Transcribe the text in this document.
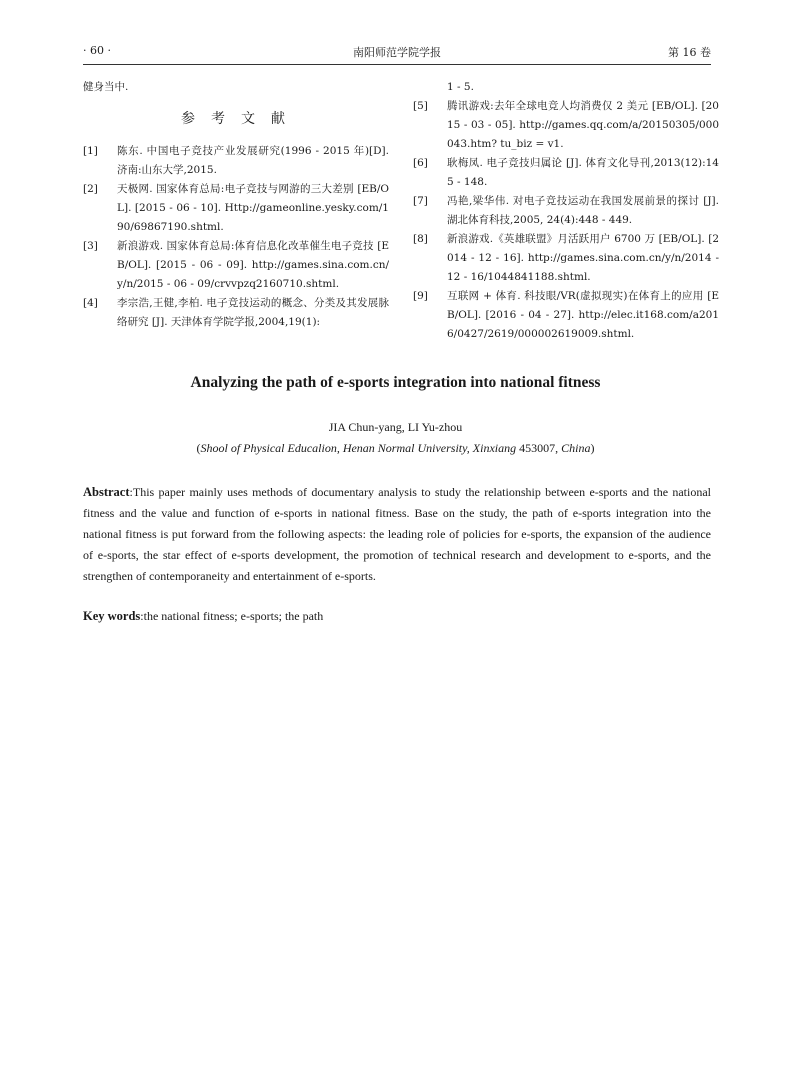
· 60 ·	南阳师范学院学报	第 16 卷
健身当中.
参考文献
[1]	陈东. 中国电子竞技产业发展研究(1996 - 2015 年)[D]. 济南:山东大学,2015.
[2]	天极网. 国家体育总局:电子竞技与网游的三大差别 [EB/OL]. [2015 - 06 - 10]. Http://gameonline.yesky.com/190/69867190.shtml.
[3]	新浪游戏. 国家体育总局:体育信息化改革催生电子竞技 [EB/OL]. [2015 - 06 - 09]. http://games.sina.com.cn/y/n/2015 - 06 - 09/crvvpzq2160710.shtml.
[4]	李宗浩,王健,李柏. 电子竞技运动的概念、分类及其发展脉络研究 [J]. 天津体育学院学报,2004,19(1):
1 - 5.
[5]	腾讯游戏:去年全球电竞人均消费仅 2 美元 [EB/OL]. [2015 - 03 - 05]. http://games.qq.com/a/20150305/000043.htm? tu_biz = v1.
[6]	耿梅凤. 电子竞技归属论 [J]. 体育文化导刊,2013(12):145 - 148.
[7]	冯艳,梁华伟. 对电子竞技运动在我国发展前景的探讨 [J]. 湖北体育科技,2005, 24(4):448 - 449.
[8]	新浪游戏.《英雄联盟》月活跃用户 6700 万 [EB/OL]. [2014 - 12 - 16]. http://games.sina.com.cn/y/n/2014 - 12 - 16/1044841188.shtml.
[9]	互联网 + 体育. 科技眼/VR(虚拟现实)在体育上的应用 [EB/OL]. [2016 - 04 - 27]. http://elec.it168.com/a2016/0427/2619/000002619009.shtml.
Analyzing the path of e-sports integration into national fitness
JIA Chun-yang, LI Yu-zhou
(Shool of Physical Educalion, Henan Normal University, Xinxiang 453007, China)
Abstract:This paper mainly uses methods of documentary analysis to study the relationship between e-sports and the national fitness and the value and function of e-sports in national fitness. Base on the study, the path of e-sports integration into the national fitness is put forward from the following aspects: the leading role of policies for e-sports, the expansion of the audience of e-sports, the star effect of e-sports development, the promotion of technical research and development to e-sports, and the strengthen of contemporaneity and entertainment of e-sports.
Key words:the national fitness; e-sports; the path
